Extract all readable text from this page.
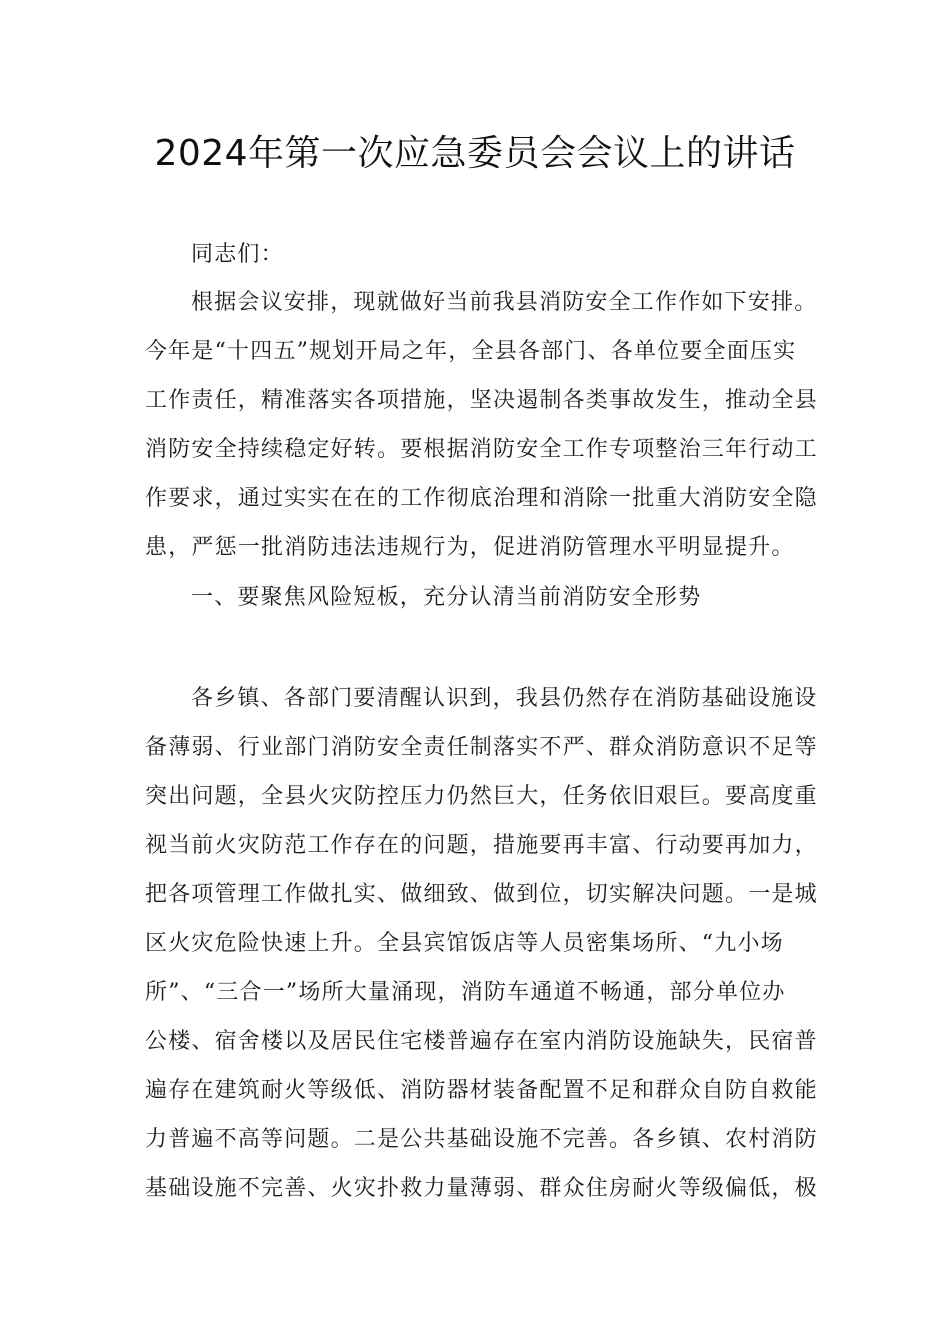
2024年第一次应急委员会会议上的讲话
同志们：
根据会议安排，现就做好当前我县消防安全工作作如下安排。
今年是“十四五”规划开局之年，全县各部门、各单位要全面压实
工作责任，精准落实各项措施，坚决遏制各类事故发生，推动全县
消防安全持续稳定好转。要根据消防安全工作专项整治三年行动工
作要求，通过实实在在的工作彻底治理和消除一批重大消防安全隐
患，严惩一批消防违法违规行为，促进消防管理水平明显提升。
一、要聚焦风险短板，充分认清当前消防安全形势
各乡镇、各部门要清醒认识到，我县仍然存在消防基础设施设
备薄弱、行业部门消防安全责任制落实不严、群众消防意识不足等
突出问题，全县火灾防控压力仍然巨大，任务依旧艰巨。要高度重
视当前火灾防范工作存在的问题，措施要再丰富、行动要再加力，
把各项管理工作做扎实、做细致、做到位，切实解决问题。一是城
区火灾危险快速上升。全县宾馆饭店等人员密集场所、“九小场
所”、“三合一”场所大量涌现，消防车通道不畅通，部分单位办
公楼、宿舍楼以及居民住宅楼普遍存在室内消防设施缺失，民宿普
遍存在建筑耐火等级低、消防器材装备配置不足和群众自防自救能
力普遍不高等问题。二是公共基础设施不完善。各乡镇、农村消防
基础设施不完善、火灾扑救力量薄弱、群众住房耐火等级偏低，极
